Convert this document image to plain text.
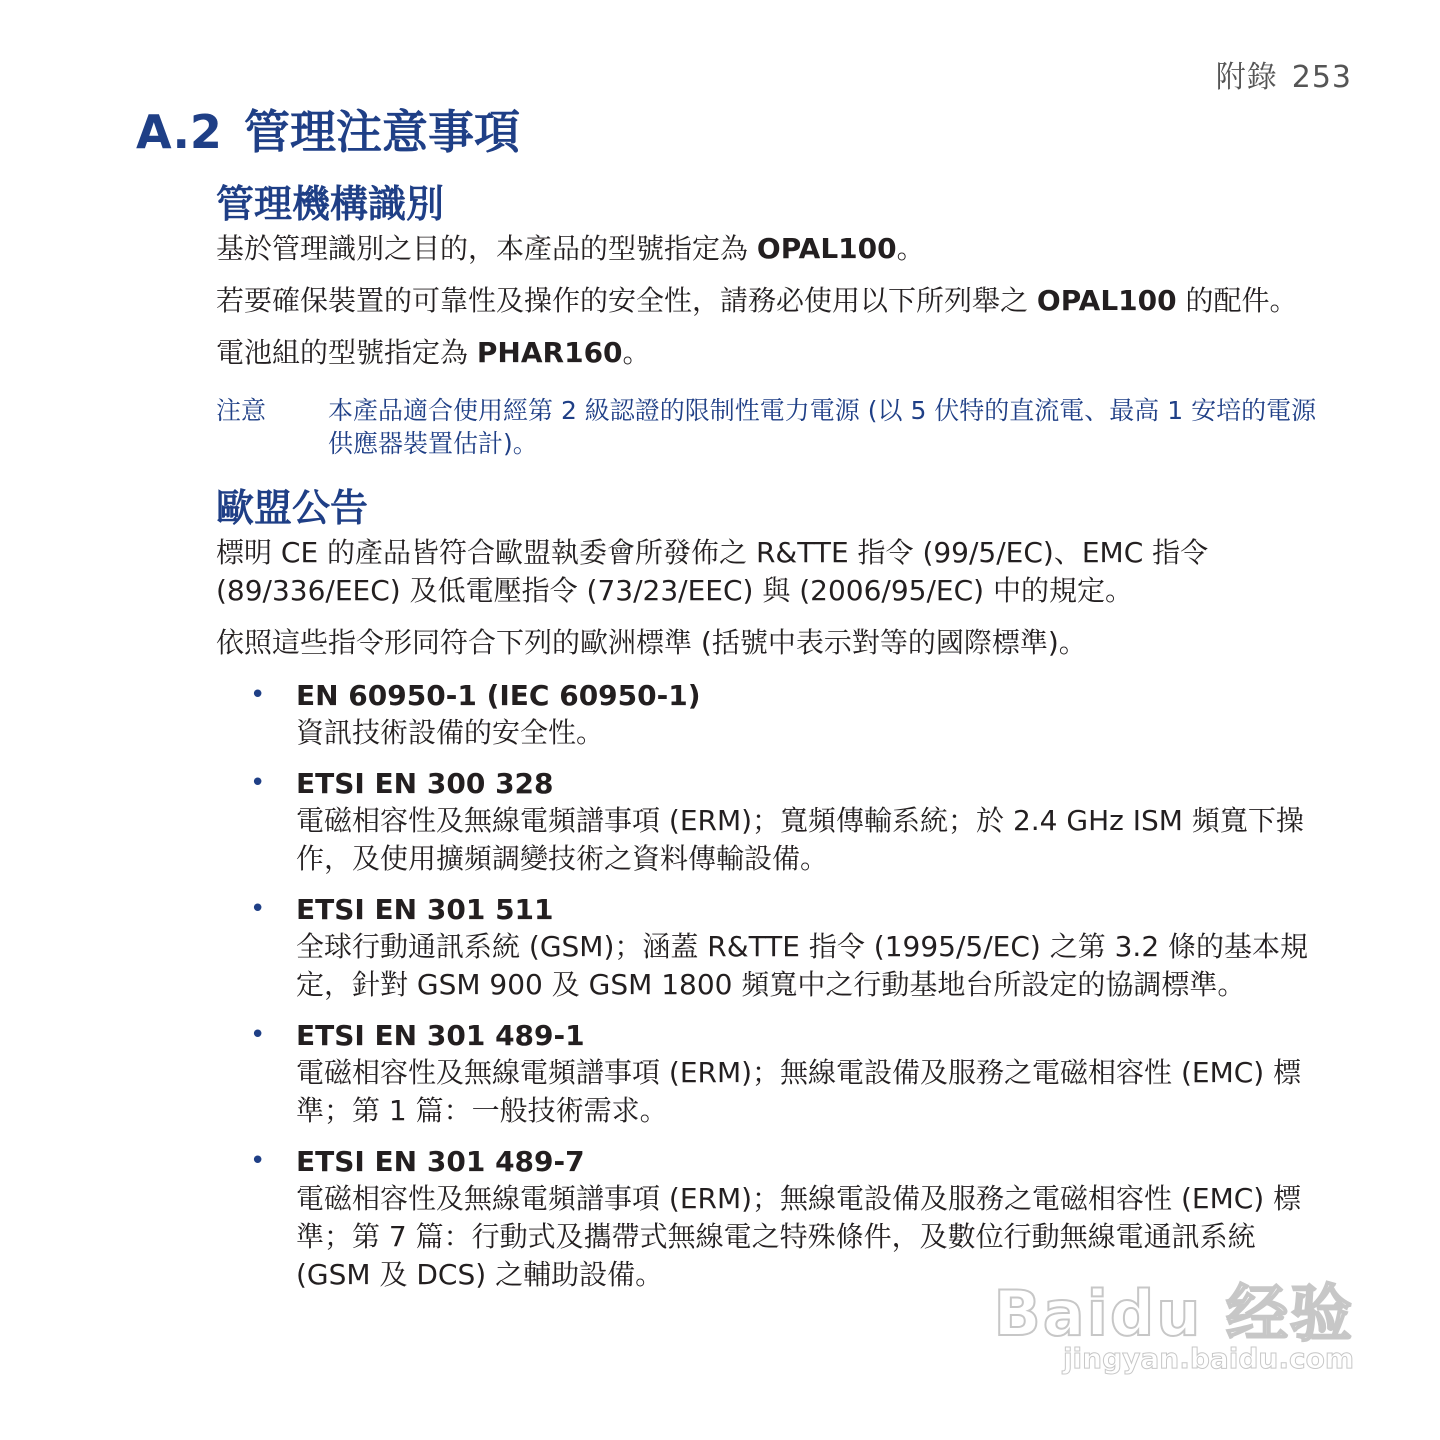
附錄 253
A.2 管理注意事項
管理機構識別

基於管理識別之目的，本產品的型號指定為 OPAL100。

若要確保裝置的可靠性及操作的安全性，請務必使用以下所列舉之 OPAL100 的配件。

電池組的型號指定為 PHAR160。

注意	本產品適合使用經第 2 級認證的限制性電力電源 (以 5 伏特的直流電、最高 1 安培的電源供應器裝置估計)。
歐盟公告

標明 CE 的產品皆符合歐盟執委會所發佈之 R&TTE 指令 (99/5/EC)、EMC 指令 (89/336/EEC) 及低電壓指令 (73/23/EEC) 與 (2006/95/EC) 中的規定。

依照這些指令形同符合下列的歐洲標準 (括號中表示對等的國際標準)。

• EN 60950-1 (IEC 60950-1)
資訊技術設備的安全性。
• ETSI EN 300 328
電磁相容性及無線電頻譜事項 (ERM)；寬頻傳輸系統；於 2.4 GHz ISM 頻寬下操作，及使用擴頻調變技術之資料傳輸設備。
• ETSI EN 301 511
全球行動通訊系統 (GSM)；涵蓋 R&TTE 指令 (1995/5/EC) 之第 3.2 條的基本規定，針對 GSM 900 及 GSM 1800 頻寬中之行動基地台所設定的協調標準。
• ETSI EN 301 489-1
電磁相容性及無線電頻譜事項 (ERM)；無線電設備及服務之電磁相容性 (EMC) 標準；第 1 篇：一般技術需求。
• ETSI EN 301 489-7
電磁相容性及無線電頻譜事項 (ERM)；無線電設備及服務之電磁相容性 (EMC) 標準；第 7 篇：行動式及攜帶式無線電之特殊條件，及數位行動無線電通訊系統 (GSM 及 DCS) 之輔助設備。
Baidu 经验
jingyan.baidu.com
